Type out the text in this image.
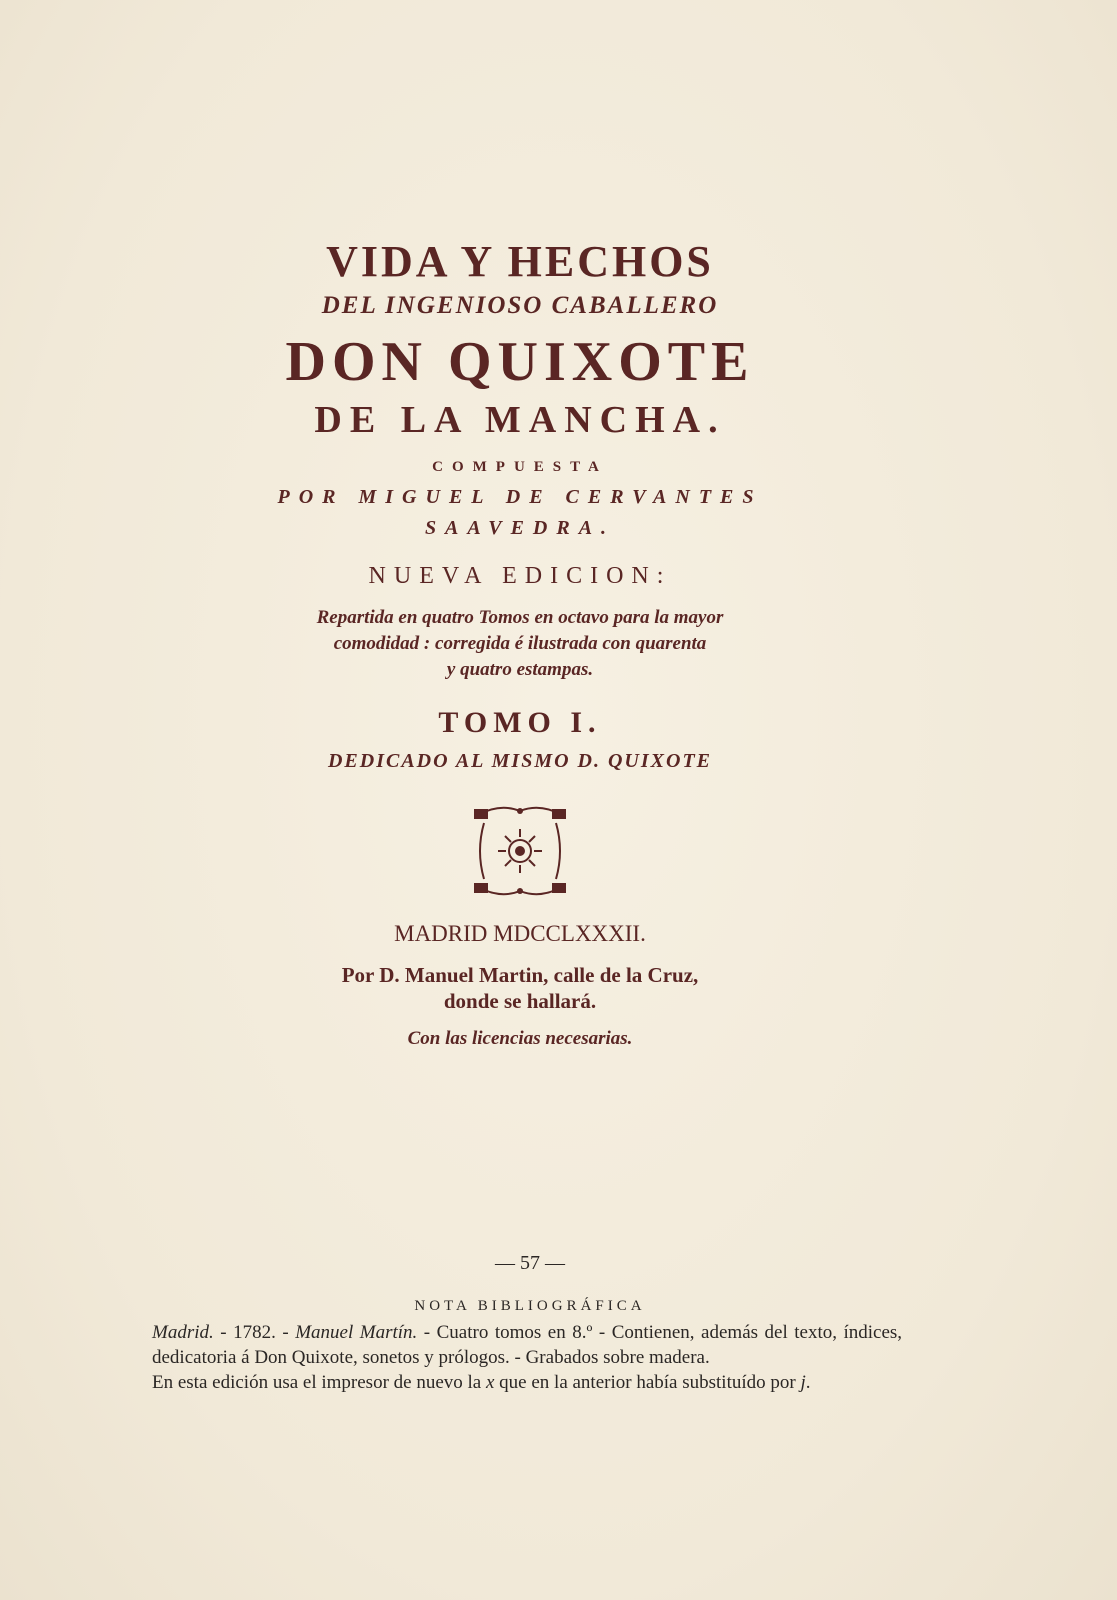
VIDA Y HECHOS

DEL INGENIOSO CABALLERO

DON QUIXOTE

DE LA MANCHA.

COMPUESTA

POR MIGUEL DE CERVANTES

SAAVEDRA.

NUEVA EDICION:

Repartida en quatro Tomos en octavo para la mayor
comodidad : corregida é ilustrada con quarenta
y quatro estampas.

TOMO I.

DEDICADO AL MISMO D. QUIXOTE

MADRID MDCCLXXXII.

Por D. Manuel Martin, calle de la Cruz,
donde se hallará.

Con las licencias necesarias.

— 57 —
NOTA BIBLIOGRÁFICA

Madrid. - 1782. - Manuel Martín. - Cuatro tomos en 8.º - Contienen, además del texto, índices, dedicatoria á Don Quixote, sonetos y prólogos. - Grabados sobre madera.

En esta edición usa el impresor de nuevo la x que en la anterior había substituído por j.
